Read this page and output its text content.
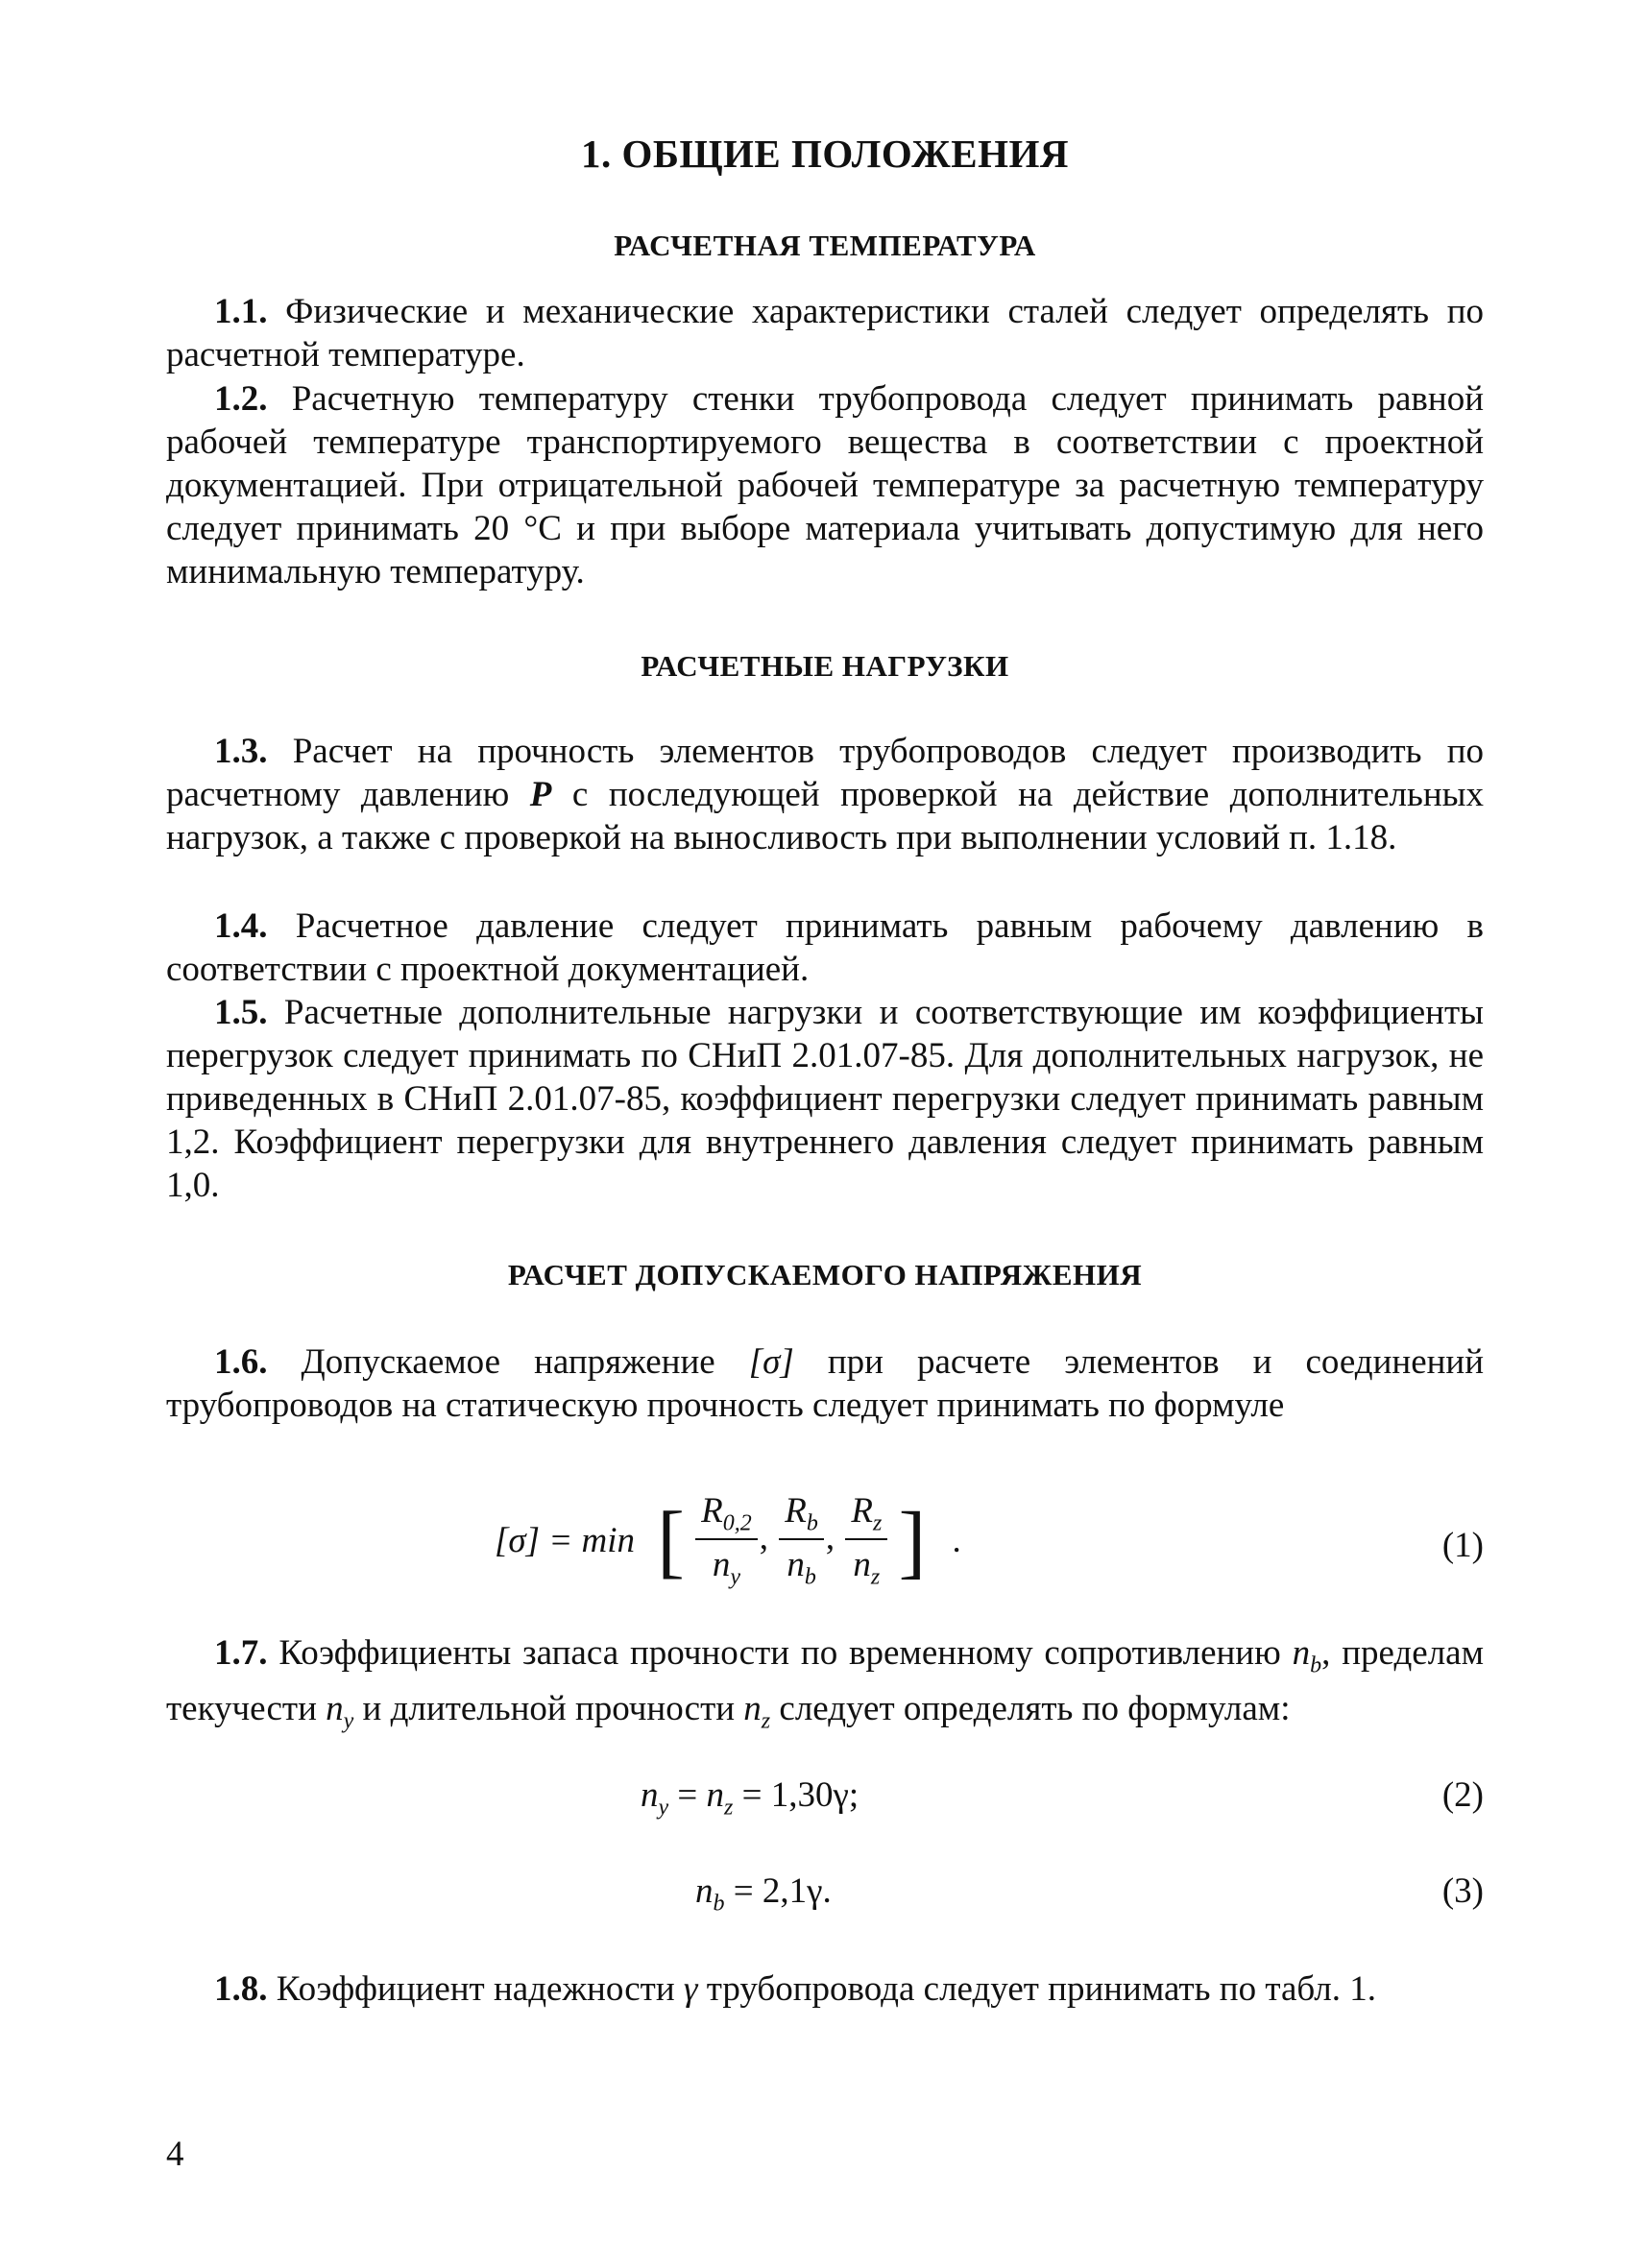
1. ОБЩИЕ ПОЛОЖЕНИЯ
РАСЧЕТНАЯ ТЕМПЕРАТУРА

1.1. Физические и механические характеристики сталей следует определять по расчетной температуре.

1.2. Расчетную температуру стенки трубопровода следует принимать равной рабочей температуре транспортируемого вещества в соответствии с проектной документацией. При отрицательной рабочей температуре за расчетную температуру следует принимать 20 °С и при выборе материала учитывать допустимую для него минимальную температуру.

РАСЧЕТНЫЕ НАГРУЗКИ

1.3. Расчет на прочность элементов трубопроводов следует производить по расчетному давлению P с последующей проверкой на действие дополнительных нагрузок, а также с проверкой на выносливость при выполнении условий п. 1.18.

1.4. Расчетное давление следует принимать равным рабочему давлению в соответствии с проектной документацией.

1.5. Расчетные дополнительные нагрузки и соответствующие им коэффициенты перегрузок следует принимать по СНиП 2.01.07-85. Для дополнительных нагрузок, не приведенных в СНиП 2.01.07-85, коэффициент перегрузки следует принимать равным 1,2. Коэффициент перегрузки для внутреннего давления следует принимать равным 1,0.

РАСЧЕТ ДОПУСКАЕМОГО НАПРЯЖЕНИЯ

1.6. Допускаемое напряжение [σ] при расчете элементов и соединений трубопроводов на статическую прочность следует принимать по формуле

[σ] = min [ $\frac{R_{0,2}}{n_y}$ , $\frac{R_b}{n_b}$ , $\frac{R_z}{n_z}$ ] .	(1)

1.7. Коэффициенты запаса прочности по временному сопротивлению $n_b$, пределам текучести $n_y$ и длительной прочности $n_z$ следует определять по формулам:

$n_y = n_z = 1,30\gamma$;	(2)
$n_b = 2,1\gamma$.	(3)

1.8. Коэффициент надежности γ трубопровода следует принимать по табл. 1.

4
